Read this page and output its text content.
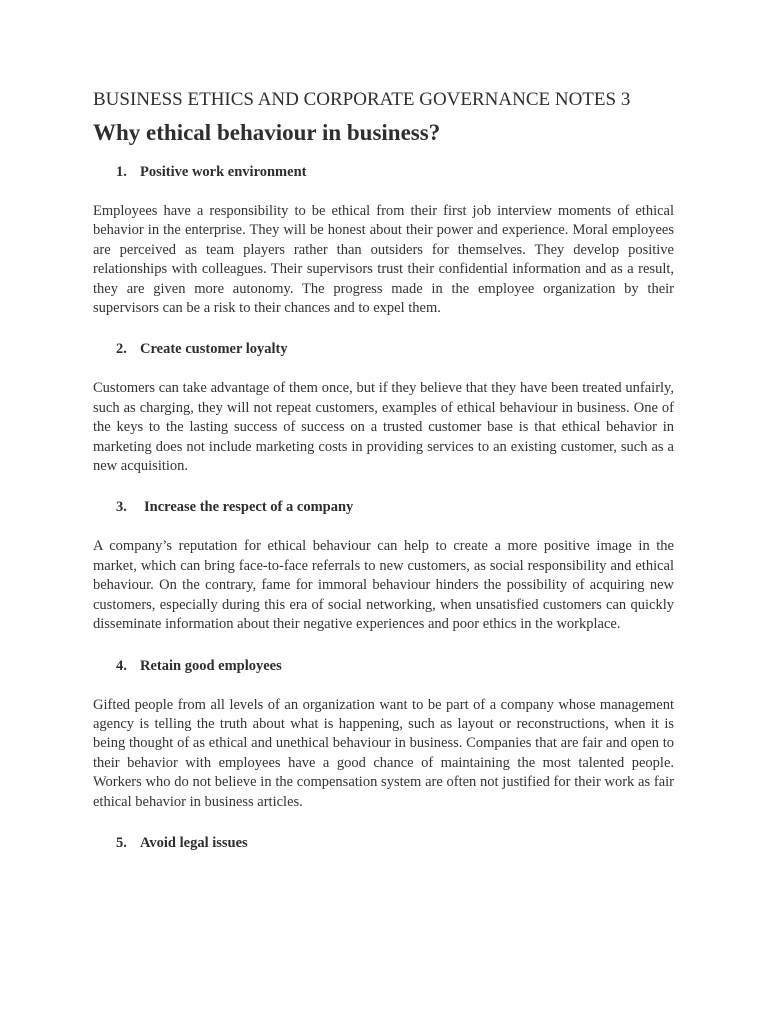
BUSINESS ETHICS AND CORPORATE GOVERNANCE NOTES 3
Why ethical behaviour in business?
1. Positive work environment

Employees have a responsibility to be ethical from their first job interview moments of ethical behavior in the enterprise. They will be honest about their power and experience. Moral employees are perceived as team players rather than outsiders for themselves. They develop positive relationships with colleagues. Their supervisors trust their confidential information and as a result, they are given more autonomy. The progress made in the employee organization by their supervisors can be a risk to their chances and to expel them.

2. Create customer loyalty

Customers can take advantage of them once, but if they believe that they have been treated unfairly, such as charging, they will not repeat customers, examples of ethical behaviour in business. One of the keys to the lasting success of success on a trusted customer base is that ethical behavior in marketing does not include marketing costs in providing services to an existing customer, such as a new acquisition.

3.	Increase the respect of a company

A company’s reputation for ethical behaviour can help to create a more positive image in the market, which can bring face-to-face referrals to new customers, as social responsibility and ethical behaviour. On the contrary, fame for immoral behaviour hinders the possibility of acquiring new customers, especially during this era of social networking, when unsatisfied customers can quickly disseminate information about their negative experiences and poor ethics in the workplace.

4. Retain good employees

Gifted people from all levels of an organization want to be part of a company whose management agency is telling the truth about what is happening, such as layout or reconstructions, when it is being thought of as ethical and unethical behaviour in business. Companies that are fair and open to their behavior with employees have a good chance of maintaining the most talented people. Workers who do not believe in the compensation system are often not justified for their work as fair ethical behavior in business articles.

5. Avoid legal issues
